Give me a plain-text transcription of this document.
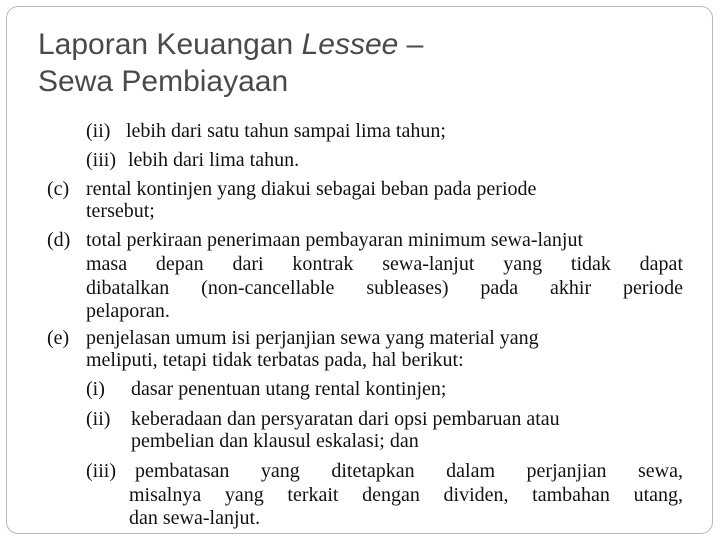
Laporan Keuangan Lessee –
Sewa Pembiayaan
(ii) lebih dari satu tahun sampai lima tahun;
(iii) lebih dari lima tahun.
(c) rental kontinjen yang diakui sebagai beban pada periode
tersebut;
(d) total perkiraan penerimaan pembayaran minimum sewa-lanjut
masa depan dari kontrak sewa-lanjut yang tidak dapat
dibatalkan (non-cancellable subleases) pada akhir periode
pelaporan.
(e) penjelasan umum isi perjanjian sewa yang material yang
meliputi, tetapi tidak terbatas pada, hal berikut:
(i) dasar penentuan utang rental kontinjen;
(ii) keberadaan dan persyaratan dari opsi pembaruan atau
pembelian dan klausul eskalasi; dan
(iii) pembatasan yang ditetapkan dalam perjanjian sewa,
misalnya yang terkait dengan dividen, tambahan utang,
dan sewa-lanjut.
